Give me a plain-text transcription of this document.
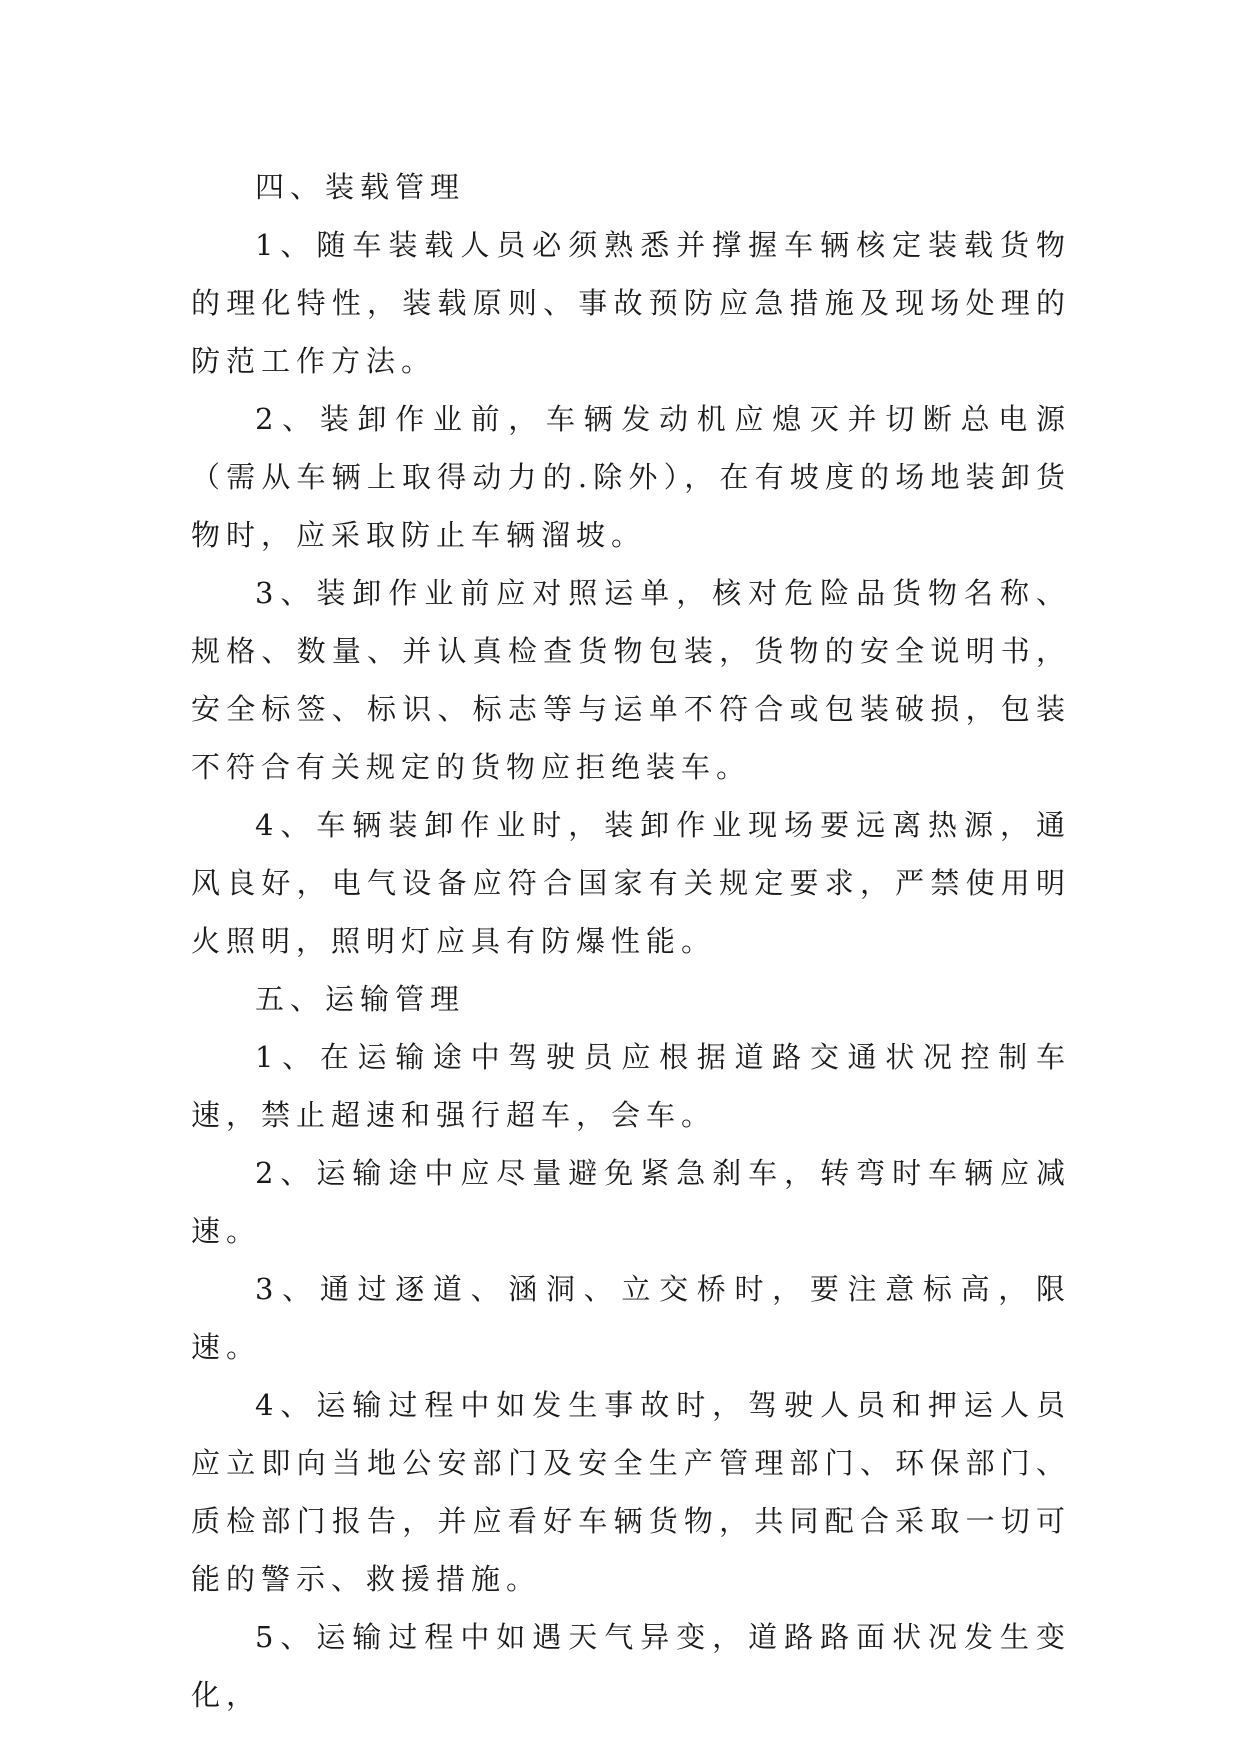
四、装载管理

1、随车装载人员必须熟悉并撑握车辆核定装载货物的理化特性，装载原则、事故预防应急措施及现场处理的防范工作方法。

2、装卸作业前，车辆发动机应熄灭并切断总电源（需从车辆上取得动力的.除外），在有坡度的场地装卸货物时，应采取防止车辆溜坡。

3、装卸作业前应对照运单，核对危险品货物名称、规格、数量、并认真检查货物包装，货物的安全说明书，安全标签、标识、标志等与运单不符合或包装破损，包装不符合有关规定的货物应拒绝装车。

4、车辆装卸作业时，装卸作业现场要远离热源，通风良好，电气设备应符合国家有关规定要求，严禁使用明火照明，照明灯应具有防爆性能。

五、运输管理

1、在运输途中驾驶员应根据道路交通状况控制车速，禁止超速和强行超车，会车。

2、运输途中应尽量避免紧急刹车，转弯时车辆应减速。

3、通过逐道、涵洞、立交桥时，要注意标高，限速。

4、运输过程中如发生事故时，驾驶人员和押运人员应立即向当地公安部门及安全生产管理部门、环保部门、质检部门报告，并应看好车辆货物，共同配合采取一切可能的警示、救援措施。

5、运输过程中如遇天气异变，道路路面状况发生变化，
